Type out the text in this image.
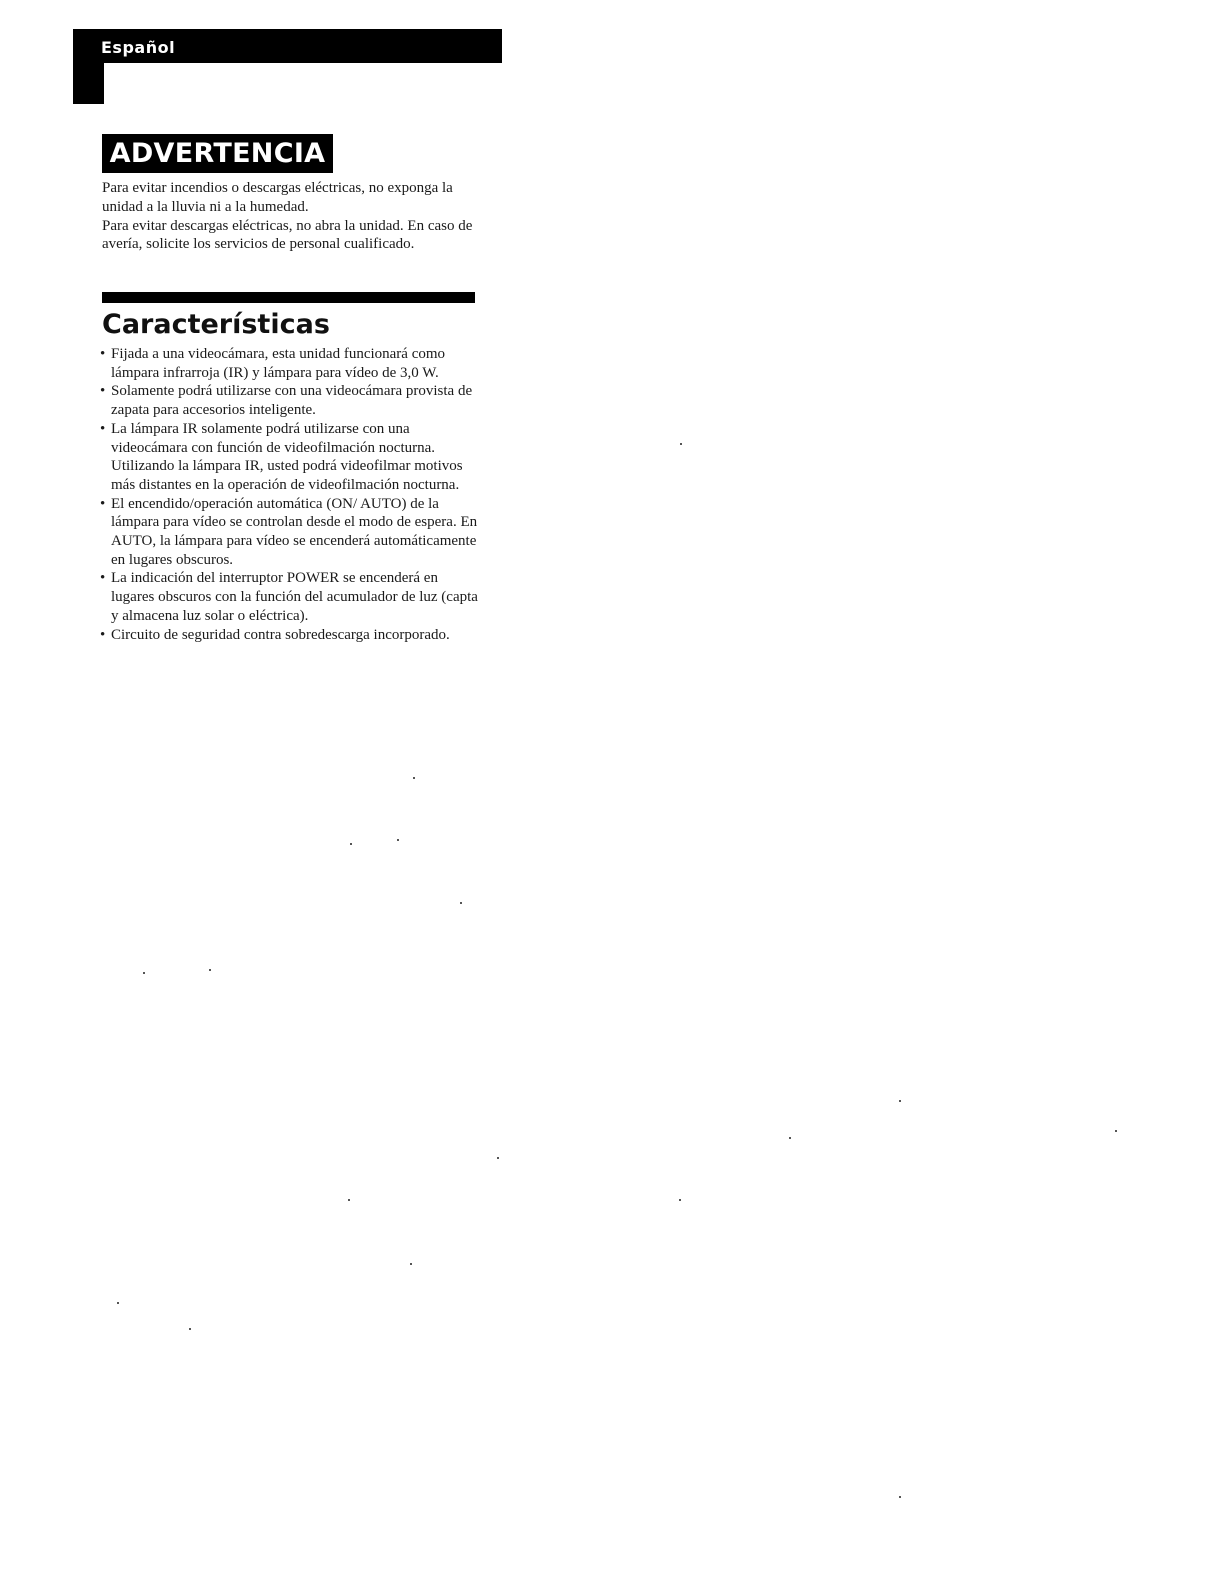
Español
ADVERTENCIA

Para evitar incendios o descargas eléctricas, no exponga la unidad a la lluvia ni a la humedad.

Para evitar descargas eléctricas, no abra la unidad. En caso de avería, solicite los servicios de personal cualificado.

Características
• Fijada a una videocámara, esta unidad funcionará como lámpara infrarroja (IR) y lámpara para vídeo de 3,0 W.
• Solamente podrá utilizarse con una videocámara provista de zapata para accesorios inteligente.
• La lámpara IR solamente podrá utilizarse con una videocámara con función de videofilmación nocturna. Utilizando la lámpara IR, usted podrá videofilmar motivos más distantes en la operación de videofilmación nocturna.
• El encendido/operación automática (ON/ AUTO) de la lámpara para vídeo se controlan desde el modo de espera. En AUTO, la lámpara para vídeo se encenderá automáticamente en lugares obscuros.
• La indicación del interruptor POWER se encenderá en lugares obscuros con la función del acumulador de luz (capta y almacena luz solar o eléctrica).
• Circuito de seguridad contra sobredescarga incorporado.
